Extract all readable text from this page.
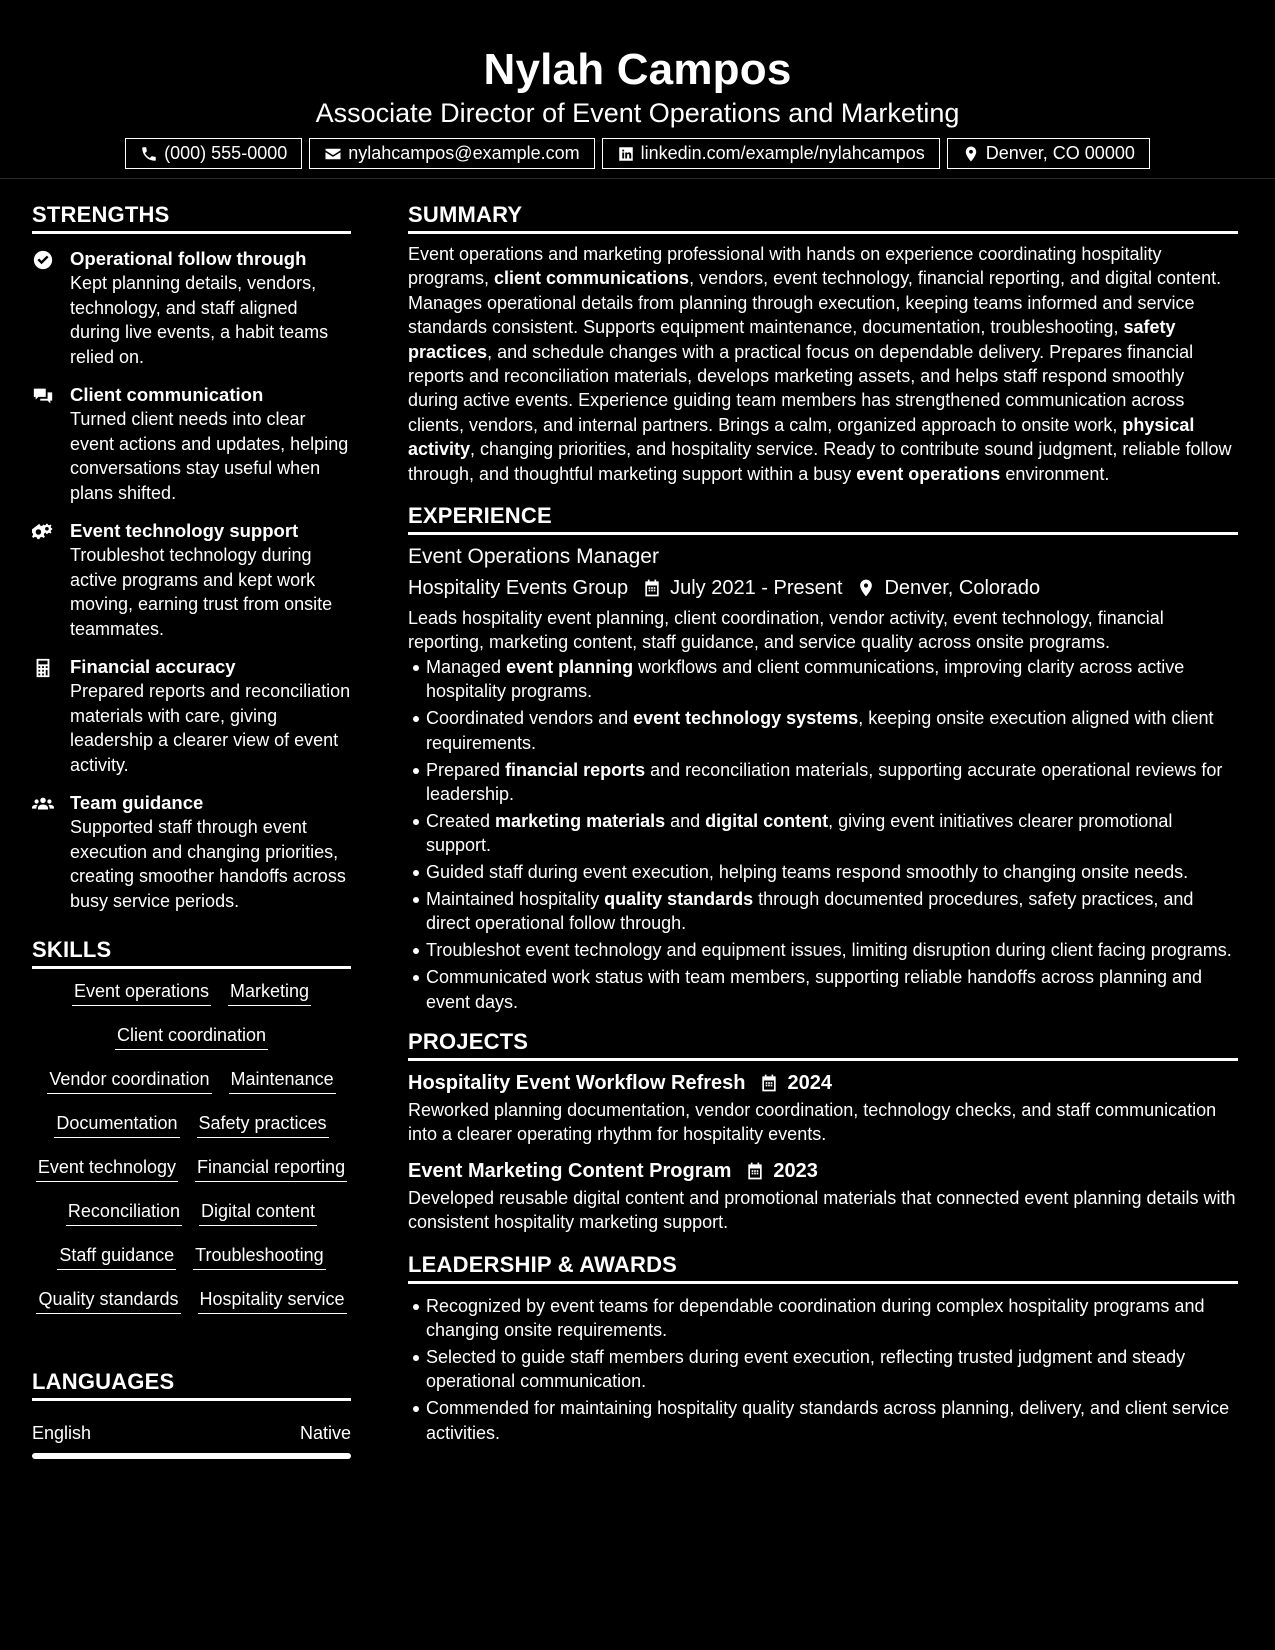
Nylah Campos
Associate Director of Event Operations and Marketing
(000) 555-0000	nylahcampos@example.com	linkedin.com/example/nylahcampos	Denver, CO 00000
STRENGTHS
Operational follow through
Kept planning details, vendors, technology, and staff aligned during live events, a habit teams relied on.
Client communication
Turned client needs into clear event actions and updates, helping conversations stay useful when plans shifted.
Event technology support
Troubleshot technology during active programs and kept work moving, earning trust from onsite teammates.
Financial accuracy
Prepared reports and reconciliation materials with care, giving leadership a clearer view of event activity.
Team guidance
Supported staff through event execution and changing priorities, creating smoother handoffs across busy service periods.
SKILLS
Event operations Marketing
Client coordination
Vendor coordination Maintenance
Documentation Safety practices
Event technology Financial reporting
Reconciliation Digital content
Staff guidance Troubleshooting
Quality standards Hospitality service
LANGUAGES
English	Native
SUMMARY
Event operations and marketing professional with hands on experience coordinating hospitality programs, client communications, vendors, event technology, financial reporting, and digital content. Manages operational details from planning through execution, keeping teams informed and service standards consistent. Supports equipment maintenance, documentation, troubleshooting, safety practices, and schedule changes with a practical focus on dependable delivery. Prepares financial reports and reconciliation materials, develops marketing assets, and helps staff respond smoothly during active events. Experience guiding team members has strengthened communication across clients, vendors, and internal partners. Brings a calm, organized approach to onsite work, physical activity, changing priorities, and hospitality service. Ready to contribute sound judgment, reliable follow through, and thoughtful marketing support within a busy event operations environment.
EXPERIENCE
Event Operations Manager
Hospitality Events Group July 2021 - Present Denver, Colorado
Leads hospitality event planning, client coordination, vendor activity, event technology, financial reporting, marketing content, staff guidance, and service quality across onsite programs.
Managed event planning workflows and client communications, improving clarity across active hospitality programs.
Coordinated vendors and event technology systems, keeping onsite execution aligned with client requirements.
Prepared financial reports and reconciliation materials, supporting accurate operational reviews for leadership.
Created marketing materials and digital content, giving event initiatives clearer promotional support.
Guided staff during event execution, helping teams respond smoothly to changing onsite needs.
Maintained hospitality quality standards through documented procedures, safety practices, and direct operational follow through.
Troubleshot event technology and equipment issues, limiting disruption during client facing programs.
Communicated work status with team members, supporting reliable handoffs across planning and event days.
PROJECTS
Hospitality Event Workflow Refresh 2024
Reworked planning documentation, vendor coordination, technology checks, and staff communication into a clearer operating rhythm for hospitality events.
Event Marketing Content Program 2023
Developed reusable digital content and promotional materials that connected event planning details with consistent hospitality marketing support.
LEADERSHIP & AWARDS
Recognized by event teams for dependable coordination during complex hospitality programs and changing onsite requirements.
Selected to guide staff members during event execution, reflecting trusted judgment and steady operational communication.
Commended for maintaining hospitality quality standards across planning, delivery, and client service activities.
